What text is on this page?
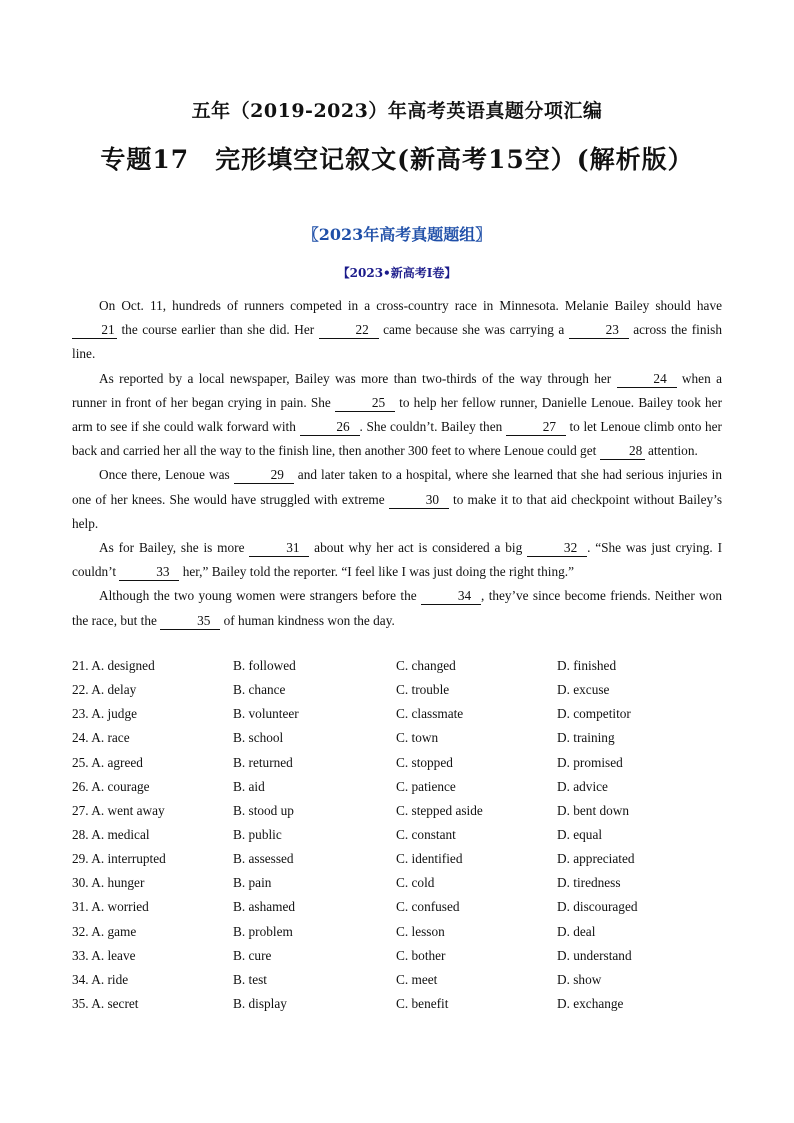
五年（2019-2023）年高考英语真题分项汇编
专题17　完形填空记叙文(新高考15空）(解析版）
〖2023年高考真题题组〗
【2023•新高考I卷】

On Oct. 11, hundreds of runners competed in a cross-country race in Minnesota. Melanie Bailey should have 21 the course earlier than she did. Her	22 came because she was carrying a	23 across the finish line.

As reported by a local newspaper, Bailey was more than two-thirds of the way through her	24 when a runner in front of her began crying in pain. She	25 to help her fellow runner, Danielle Lenoue. Bailey took her arm to see if she could walk forward with	26 . She couldn’t. Bailey then	27 to let Lenoue climb onto her back and carried her all the way to the finish line, then another 300 feet to where Lenoue could get 28 attention.

Once there, Lenoue was	29 and later taken to a hospital, where she learned that she had serious injuries in one of her knees. She would have struggled with extreme	30 to make it to that aid checkpoint without Bailey’s help.

As for Bailey, she is more	31 about why her act is considered a big	32 . “She was just crying. I couldn’t	33 her,” Bailey told the reporter. “I feel like I was just doing the right thing.”

Although the two young women were strangers before the	34 , they’ve since become friends. Neither won the race, but the	35 of human kindness won the day.

21. A. designed	B. followed	C. changed	D. finished
22. A. delay	B. chance	C. trouble	D. excuse
23. A. judge	B. volunteer	C. classmate	D. competitor
24. A. race	B. school	C. town	D. training
25. A. agreed	B. returned	C. stopped	D. promised
26. A. courage	B. aid	C. patience	D. advice
27. A. went away	B. stood up	C. stepped aside	D. bent down
28. A. medical	B. public	C. constant	D. equal
29. A. interrupted	B. assessed	C. identified	D. appreciated
30. A. hunger	B. pain	C. cold	D. tiredness
31. A. worried	B. ashamed	C. confused	D. discouraged
32. A. game	B. problem	C. lesson	D. deal
33. A. leave	B. cure	C. bother	D. understand
34. A. ride	B. test	C. meet	D. show
35. A. secret	B. display	C. benefit	D. exchange
